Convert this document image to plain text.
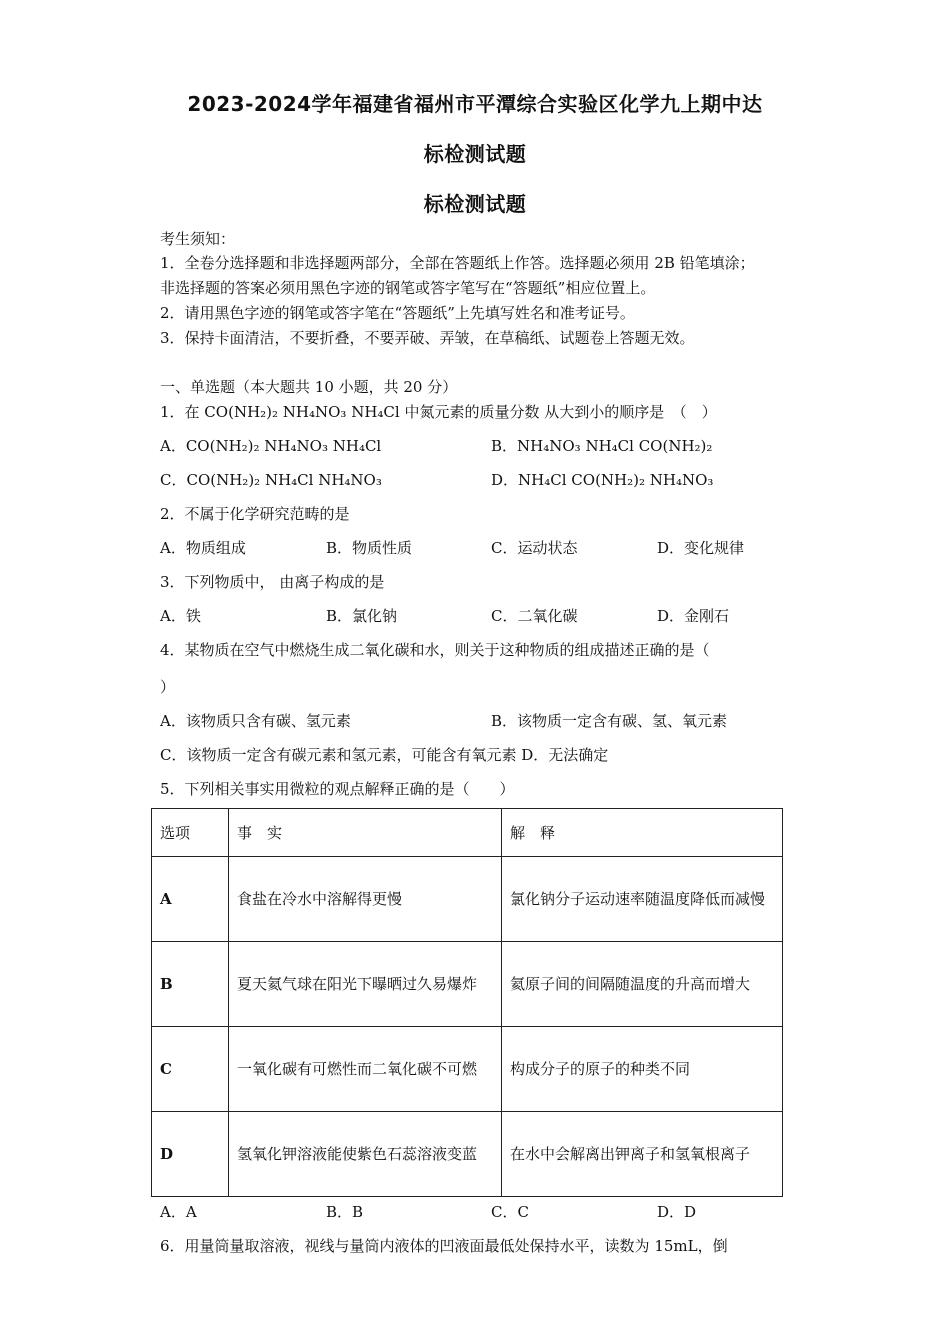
2023-2024学年福建省福州市平潭综合实验区化学九上期中达
标检测试题
标检测试题
考生须知：
1．全卷分选择题和非选择题两部分，全部在答题纸上作答。选择题必须用 2B 铅笔填涂；
非选择题的答案必须用黑色字迹的钢笔或答字笔写在“答题纸”相应位置上。
2．请用黑色字迹的钢笔或答字笔在“答题纸”上先填写姓名和准考证号。
3．保持卡面清洁，不要折叠，不要弄破、弄皱，在草稿纸、试题卷上答题无效。
一、单选题（本大题共 10 小题，共 20 分）
1．在 CO(NH₂)₂ NH₄NO₃ NH₄Cl 中氮元素的质量分数 从大到小的顺序是　（　）
A．CO(NH₂)₂ NH₄NO₃ NH₄Cl	B．NH₄NO₃ NH₄Cl CO(NH₂)₂
C．CO(NH₂)₂ NH₄Cl NH₄NO₃	D．NH₄Cl CO(NH₂)₂ NH₄NO₃
2．不属于化学研究范畴的是
A．物质组成	B．物质性质	C．运动状态	D．变化规律
3．下列物质中， 由离子构成的是
A．铁	B．氯化钠	C．二氧化碳	D．金刚石
4．某物质在空气中燃烧生成二氧化碳和水，则关于这种物质的组成描述正确的是（
）
A．该物质只含有碳、氢元素	B．该物质一定含有碳、氢、氧元素
C．该物质一定含有碳元素和氢元素，可能含有氧元素 D．无法确定
5．下列相关事实用微粒的观点解释正确的是（　　）
选项	事　实	解　释
A	食盐在冷水中溶解得更慢	氯化钠分子运动速率随温度降低而减慢
B	夏天氦气球在阳光下曝晒过久易爆炸	氦原子间的间隔随温度的升高而增大
C	一氧化碳有可燃性而二氧化碳不可燃	构成分子的原子的种类不同
D	氢氧化钾溶液能使紫色石蕊溶液变蓝	在水中会解离出钾离子和氢氧根离子
A．A	B．B	C．C	D．D
6．用量筒量取溶液，视线与量筒内液体的凹液面最低处保持水平，读数为 15mL，倒
